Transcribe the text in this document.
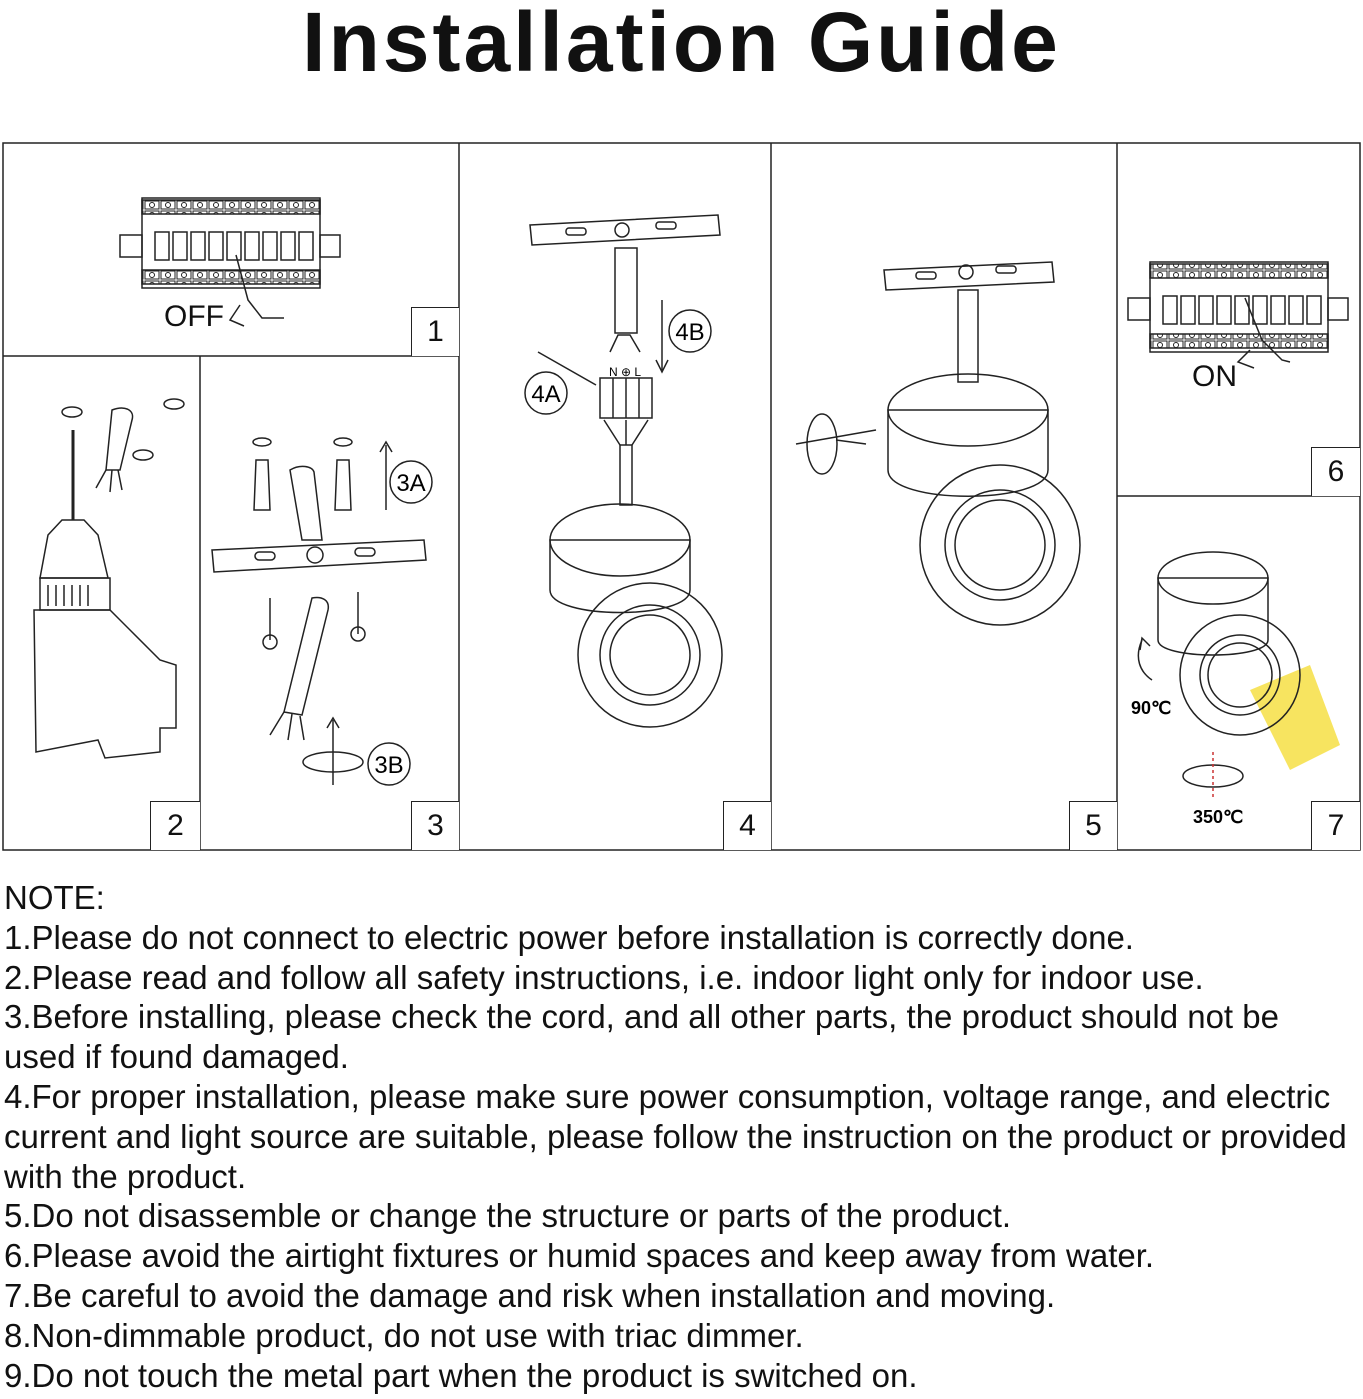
Installation Guide
3A
3B
N ⊕ L
4B
4A
90℃
350℃
OFF
ON
1
2	3	4	5
6
7
NOTE:
1.Please do not connect to electric power before installation is correctly done.
2.Please read and follow all safety instructions, i.e. indoor light only for indoor use.
3.Before installing, please check the cord, and all other parts, the product should not be used if found damaged.
4.For proper installation, please make sure power consumption, voltage range, and electric current and light source are suitable, please follow the instruction on the product or provided with the product.
5.Do not disassemble or change the structure or parts of the product.
6.Please avoid the airtight fixtures or humid spaces and keep away from water.
7.Be careful to avoid the damage and risk when installation and moving.
8.Non-dimmable product, do not use with triac dimmer.
9.Do not touch the metal part when the product is switched on.
